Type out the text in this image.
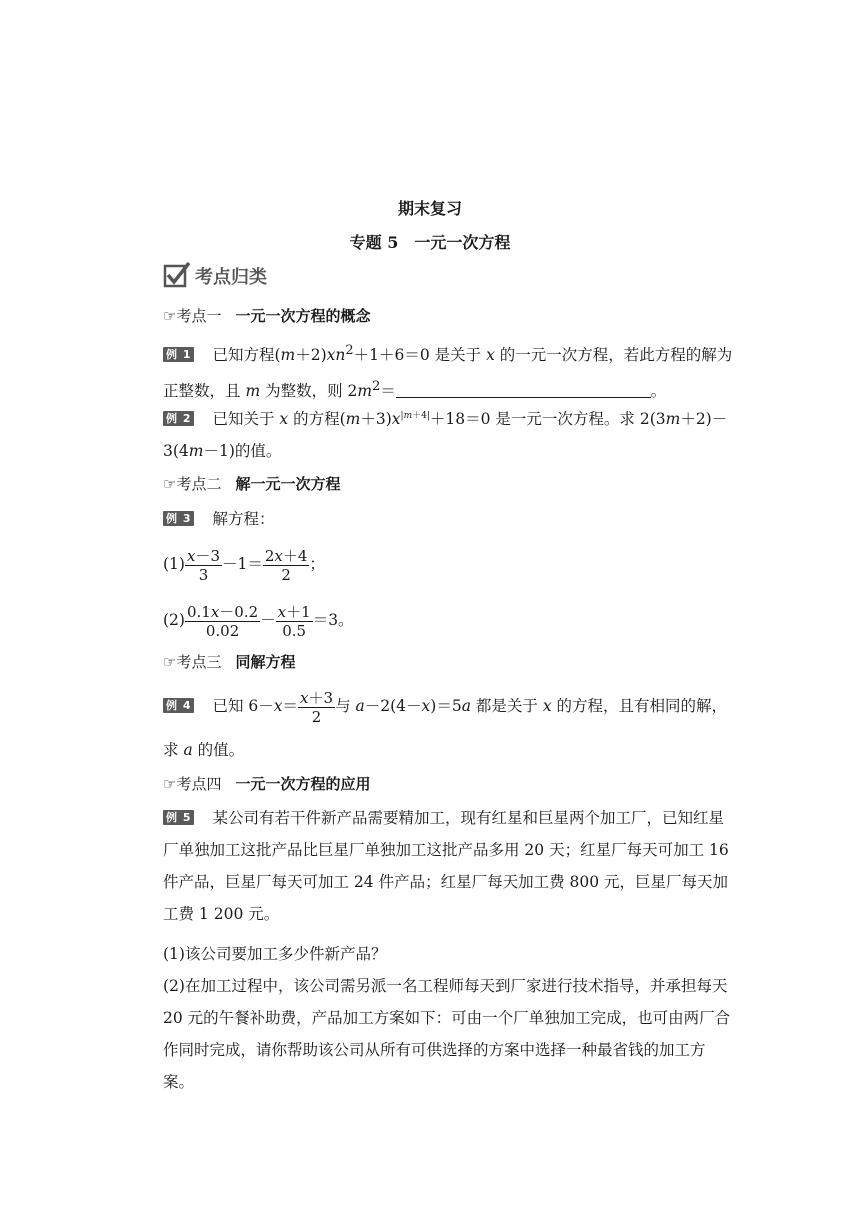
期末复习
专题 5　一元一次方程
考点归类
☞考点一 一元一次方程的概念
例 1 已知方程$(m+2)xn^2+1+6=0$ 是关于 x 的一元一次方程，若此方程的解为正整数，且 m 为整数，则 $2m^2=$	。
例 2 已知关于 x 的方程$(m+3)x^{|m+4|}+18=0$ 是一元一次方程。求 2(3m＋2)－3(4m－1)的值。
☞考点二 解一元一次方程
例 3 解方程：
$(1) \frac{x-3}{3} -1= \frac{2x+4}{2}$ ；
$(2) \frac{0.1x-0.2}{0.02} - \frac{x+1}{0.5} =3$。
☞考点三 同解方程
例 4 已知 $6-x= \frac{x+3}{2}$ 与 a－2(4－x)＝5a 都是关于 x 的方程，且有相同的解，
求 a 的值。
☞考点四 一元一次方程的应用
例 5 某公司有若干件新产品需要精加工，现有红星和巨星两个加工厂，已知红星厂单独加工这批产品比巨星厂单独加工这批产品多用 20 天；红星厂每天可加工 16 件产品，巨星厂每天可加工 24 件产品；红星厂每天加工费 800 元，巨星厂每天加工费 1 200 元。
(1)该公司要加工多少件新产品？
(2)在加工过程中，该公司需另派一名工程师每天到厂家进行技术指导，并承担每天 20 元的午餐补助费，产品加工方案如下：可由一个厂单独加工完成，也可由两厂合作同时完成，请你帮助该公司从所有可供选择的方案中选择一种最省钱的加工方案。
